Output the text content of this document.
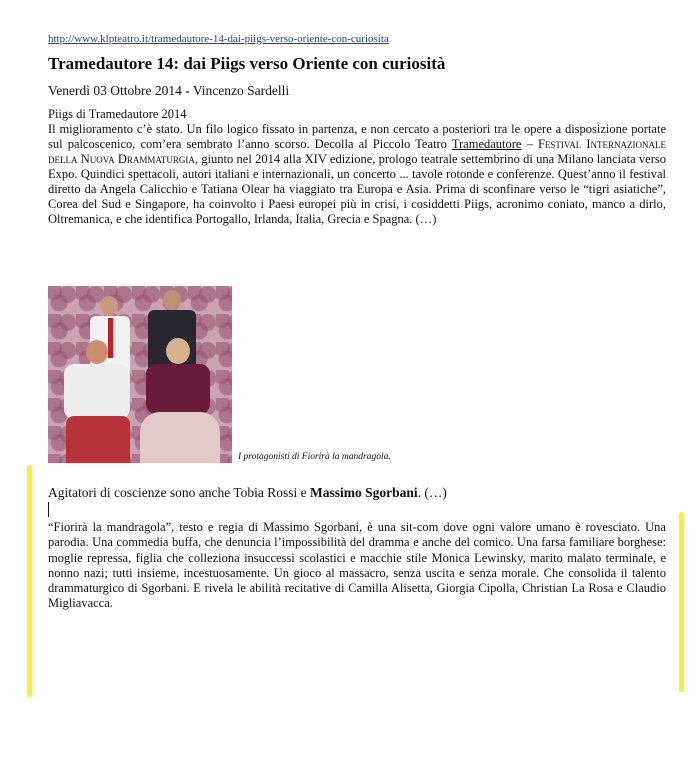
http://www.klpteatro.it/tramedautore-14-dai-piigs-verso-oriente-con-curiosita
Tramedautore 14: dai Piigs verso Oriente con curiosità
Venerdì 03 Ottobre 2014 - Vincenzo Sardelli

Piigs di Tramedautore 2014

Il miglioramento c’è stato. Un filo logico fissato in partenza, e non cercato a posteriori tra le opere a disposizione portate sul palcoscenico, com’era sembrato l’anno scorso. Decolla al Piccolo Teatro Tramedautore – Festival Internazionale della Nuova Drammaturgia, giunto nel 2014 alla XIV edizione, prologo teatrale settembrino di una Milano lanciata verso Expo. Quindici spettacoli, autori italiani e internazionali, un concerto ... tavole rotonde e conferenze. Quest’anno il festival diretto da Angela Calicchio e Tatiana Olear ha viaggiato tra Europa e Asia. Prima di sconfinare verso le “tigri asiatiche”, Corea del Sud e Singapore, ha coinvolto i Paesi europei più in crisi, i cosiddetti Piigs, acronimo coniato, manco a dirlo, Oltremanica, e che identifica Portogallo, Irlanda, Italia, Grecia e Spagna. (…)

I protagonisti di Fiorirà la mandragola.
Agitatori di coscienze sono anche Tobia Rossi e Massimo Sgorbani. (…)

“Fiorirà la mandragola”, testo e regia di Massimo Sgorbani, è una sit-com dove ogni valore umano è rovesciato. Una parodia. Una commedia buffa, che denuncia l’impossibilità del dramma e anche del comico. Una farsa familiare borghese: moglie repressa, figlia che colleziona insuccessi scolastici e macchie stile Monica Lewinsky, marito malato terminale, e nonno nazi; tutti insieme, incestuosamente. Un gioco al massacro, senza uscita e senza morale. Che consolida il talento drammaturgico di Sgorbani. E rivela le abilità recitative di Camilla Alisetta, Giorgia Cipolla, Christian La Rosa e Claudio Migliavacca.
